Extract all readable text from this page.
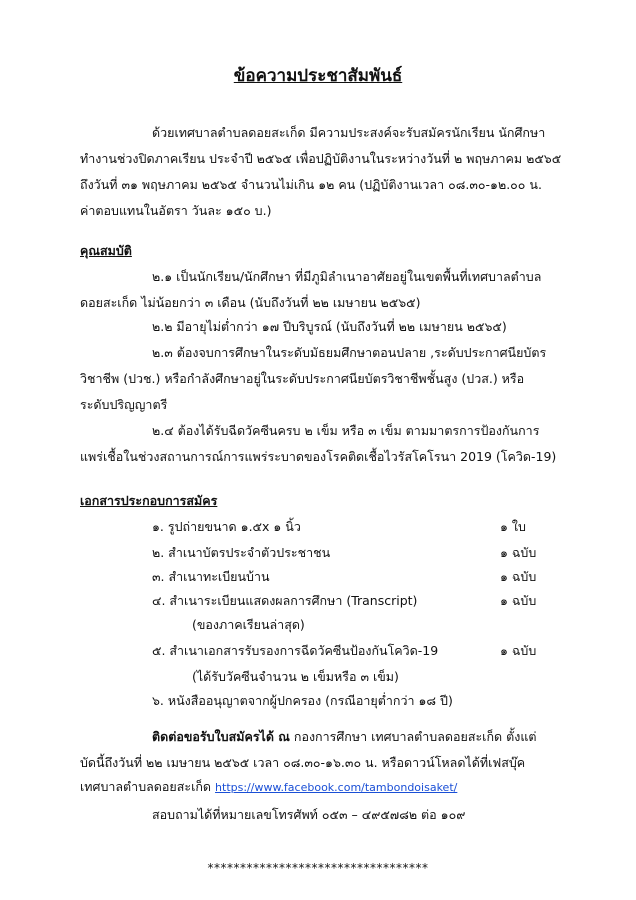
ข้อความประชาสัมพันธ์
ด้วยเทศบาลตำบลดอยสะเก็ด มีความประสงค์จะรับสมัครนักเรียน นักศึกษา
ทำงานช่วงปิดภาคเรียน ประจำปี ๒๕๖๕ เพื่อปฏิบัติงานในระหว่างวันที่ ๒ พฤษภาคม ๒๕๖๕
ถึงวันที่ ๓๑ พฤษภาคม ๒๕๖๕ จำนวนไม่เกิน ๑๒ คน (ปฏิบัติงานเวลา ๐๘.๓๐-๑๒.๐๐ น.
ค่าตอบแทนในอัตรา วันละ ๑๕๐ บ.)
คุณสมบัติ
๒.๑ เป็นนักเรียน/นักศึกษา ที่มีภูมิลำเนาอาศัยอยู่ในเขตพื้นที่เทศบาลตำบล
ดอยสะเก็ด ไม่น้อยกว่า ๓ เดือน (นับถึงวันที่ ๒๒ เมษายน ๒๕๖๕)
๒.๒ มีอายุไม่ต่ำกว่า ๑๗ ปีบริบูรณ์ (นับถึงวันที่ ๒๒ เมษายน ๒๕๖๕)
๒.๓ ต้องจบการศึกษาในระดับมัธยมศึกษาตอนปลาย ,ระดับประกาศนียบัตร
วิชาชีพ (ปวช.) หรือกำลังศึกษาอยู่ในระดับประกาศนียบัตรวิชาชีพชั้นสูง (ปวส.) หรือ
ระดับปริญญาตรี
๒.๔ ต้องได้รับฉีดวัคซีนครบ ๒ เข็ม หรือ ๓ เข็ม ตามมาตรการป้องกันการ
แพร่เชื้อในช่วงสถานการณ์การแพร่ระบาดของโรคติดเชื้อไวรัสโคโรนา 2019 (โควิด-19)
เอกสารประกอบการสมัคร
๑. รูปถ่ายขนาด ๑.๕x ๑ นิ้ว	๑ ใบ
๒. สำเนาบัตรประจำตัวประชาชน	๑ ฉบับ
๓. สำเนาทะเบียนบ้าน	๑ ฉบับ
๔. สำเนาระเบียนแสดงผลการศึกษา (Transcript)	๑ ฉบับ
(ของภาคเรียนล่าสุด)
๕. สำเนาเอกสารรับรองการฉีดวัคซีนป้องกันโควิด-19	๑ ฉบับ
(ได้รับวัคซีนจำนวน ๒ เข็มหรือ ๓ เข็ม)
๖. หนังสืออนุญาตจากผู้ปกครอง (กรณีอายุต่ำกว่า ๑๘ ปี)
ติดต่อขอรับใบสมัครได้ ณ กองการศึกษา เทศบาลตำบลดอยสะเก็ด ตั้งแต่
บัดนี้ถึงวันที่ ๒๒ เมษายน ๒๕๖๕ เวลา ๐๘.๓๐-๑๖.๓๐ น. หรือดาวน์โหลดได้ที่เฟสบุ๊ค
เทศบาลตำบลดอยสะเก็ด https://www.facebook.com/tambondoisaket/
สอบถามได้ที่หมายเลขโทรศัพท์ ๐๕๓ – ๔๙๕๗๘๒ ต่อ ๑๐๙
**********************************
